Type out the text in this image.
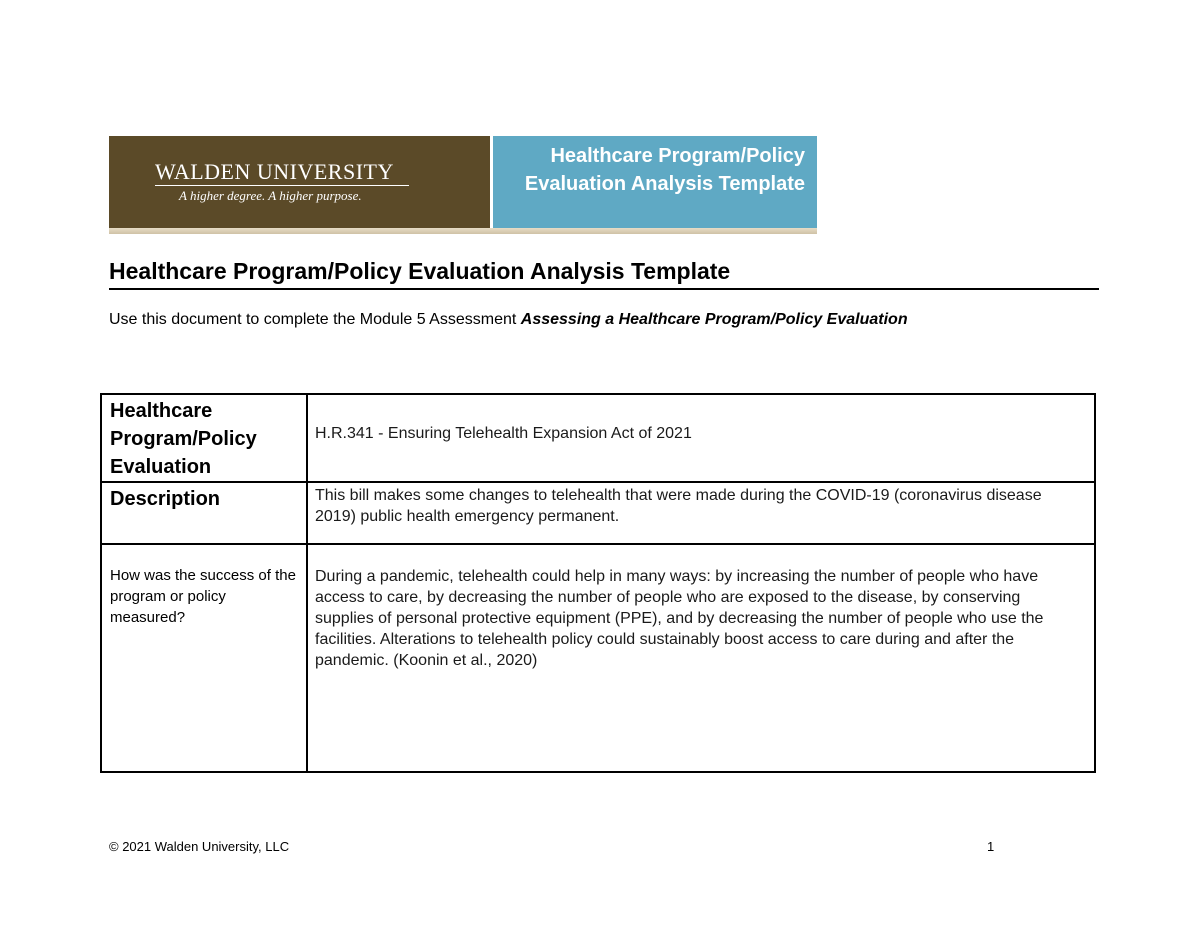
WALDEN UNIVERSITY
A higher degree. A higher purpose.
Healthcare Program/Policy Evaluation Analysis Template
Healthcare Program/Policy Evaluation Analysis Template
Use this document to complete the Module 5 Assessment Assessing a Healthcare Program/Policy Evaluation
Healthcare Program/Policy Evaluation	H.R.341 - Ensuring Telehealth Expansion Act of 2021

Description	This bill makes some changes to telehealth that were made during the COVID-19 (coronavirus disease 2019) public health emergency permanent.

How was the success of the program or policy measured?	During a pandemic, telehealth could help in many ways: by increasing the number of people who have access to care, by decreasing the number of people who are exposed to the disease, by conserving supplies of personal protective equipment (PPE), and by decreasing the number of people who use the facilities. Alterations to telehealth policy could sustainably boost access to care during and after the pandemic. (Koonin et al., 2020)
© 2021 Walden University, LLC	1
